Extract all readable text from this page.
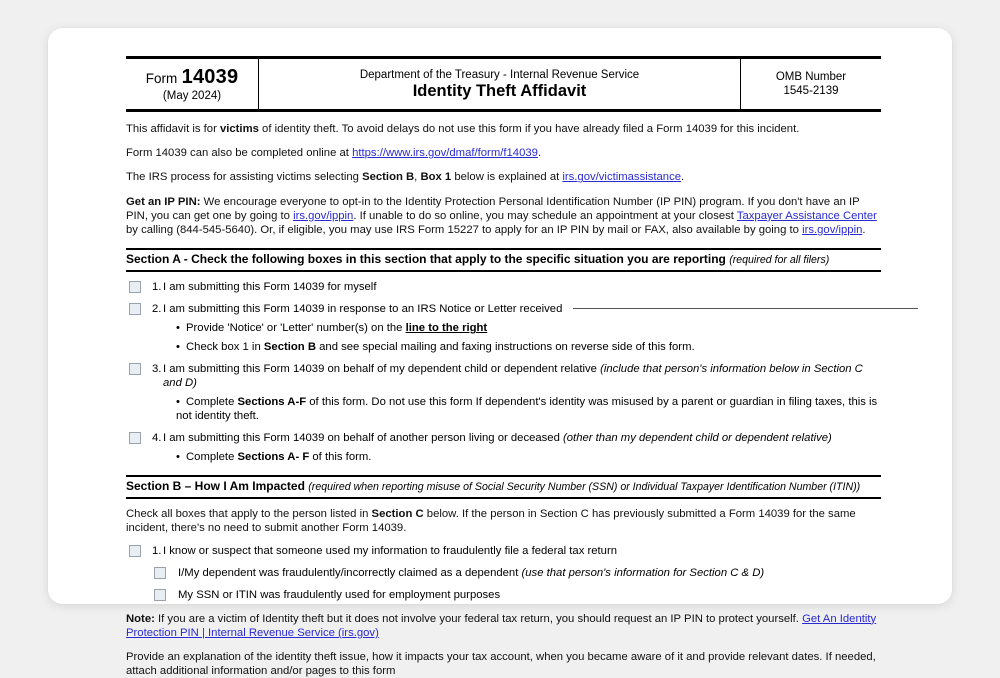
Form 14039
(May 2024)
Department of the Treasury - Internal Revenue Service
Identity Theft Affidavit
OMB Number
1545-2139
This affidavit is for victims of identity theft. To avoid delays do not use this form if you have already filed a Form 14039 for this incident.
Form 14039 can also be completed online at https://www.irs.gov/dmaf/form/f14039.
The IRS process for assisting victims selecting Section B, Box 1 below is explained at irs.gov/victimassistance.
Get an IP PIN: We encourage everyone to opt-in to the Identity Protection Personal Identification Number (IP PIN) program. If you don't have an IP PIN, you can get one by going to irs.gov/ippin. If unable to do so online, you may schedule an appointment at your closest Taxpayer Assistance Center by calling (844-545-5640). Or, if eligible, you may use IRS Form 15227 to apply for an IP PIN by mail or FAX, also available by going to irs.gov/ippin.
Section A - Check the following boxes in this section that apply to the specific situation you are reporting (required for all filers)
1. I am submitting this Form 14039 for myself
2. I am submitting this Form 14039 in response to an IRS Notice or Letter received
• Provide 'Notice' or 'Letter' number(s) on the line to the right
• Check box 1 in Section B and see special mailing and faxing instructions on reverse side of this form.
3. I am submitting this Form 14039 on behalf of my dependent child or dependent relative (include that person's information below in Section C and D)
• Complete Sections A-F of this form. Do not use this form If dependent's identity was misused by a parent or guardian in filing taxes, this is not identity theft.
4. I am submitting this Form 14039 on behalf of another person living or deceased (other than my dependent child or dependent relative)
• Complete Sections A- F of this form.
Section B – How I Am Impacted (required when reporting misuse of Social Security Number (SSN) or Individual Taxpayer Identification Number (ITIN))
Check all boxes that apply to the person listed in Section C below. If the person in Section C has previously submitted a Form 14039 for the same incident, there's no need to submit another Form 14039.
1. I know or suspect that someone used my information to fraudulently file a federal tax return
I/My dependent was fraudulently/incorrectly claimed as a dependent (use that person's information for Section C & D)
My SSN or ITIN was fraudulently used for employment purposes
Note: If you are a victim of Identity theft but it does not involve your federal tax return, you should request an IP PIN to protect yourself. Get An Identity Protection PIN | Internal Revenue Service (irs.gov)
Provide an explanation of the identity theft issue, how it impacts your tax account, when you became aware of it and provide relevant dates. If needed, attach additional information and/or pages to this form
